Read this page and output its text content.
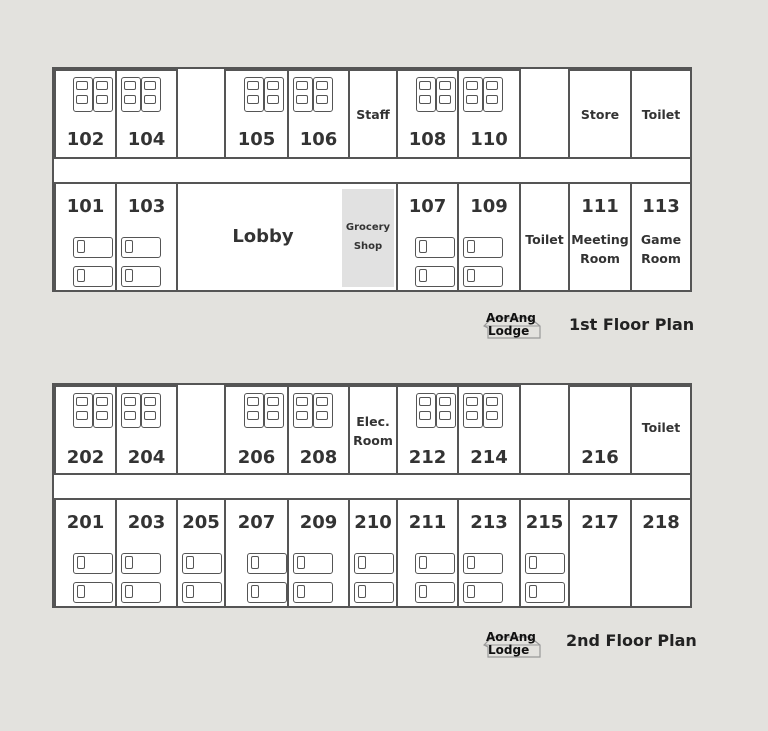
102	104	105	106
Staff
108	110
Store	Toilet
101	103
Lobby	Grocery
Shop
107	109
Toilet
111
Meeting
Room
113
Game
Room
AorAng
Lodge 1st Floor Plan
202	204	206	208
Elec.
Room
212	214	216
Toilet
201	203 205 207	209 210 211	213 215 217	218
AorAng
Lodge 2nd Floor Plan
